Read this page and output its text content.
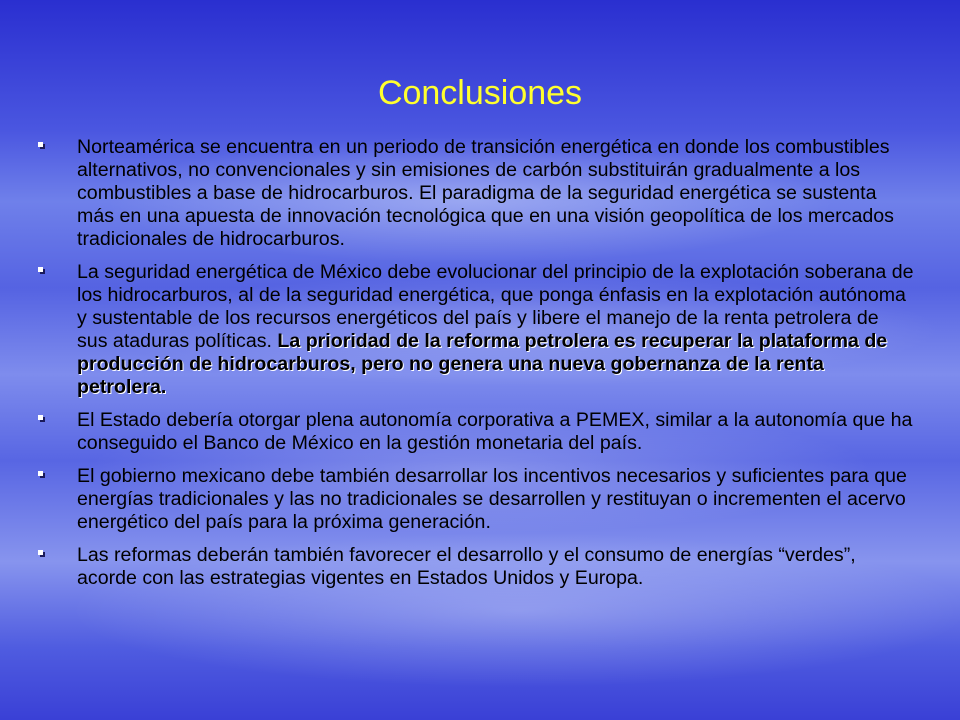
Conclusiones
Norteamérica se encuentra en un periodo de transición energética en donde los combustibles alternativos, no convencionales y sin emisiones de carbón substituirán gradualmente a los combustibles a base de hidrocarburos. El paradigma de la seguridad energética se sustenta más en una apuesta de innovación tecnológica que en una visión geopolítica de los mercados tradicionales de hidrocarburos.
La seguridad energética de México debe evolucionar del principio de la explotación soberana de los hidrocarburos, al de la seguridad energética, que ponga énfasis en la explotación autónoma y sustentable de los recursos energéticos del país y libere el manejo de la renta petrolera de sus ataduras políticas. La prioridad de la reforma petrolera es recuperar la plataforma de producción de hidrocarburos, pero no genera una nueva gobernanza de la renta petrolera.
El Estado debería otorgar plena autonomía corporativa a PEMEX, similar a la autonomía que ha conseguido el Banco de México en la gestión monetaria del país.
El gobierno mexicano debe también desarrollar los incentivos necesarios y suficientes para que energías tradicionales y las no tradicionales se desarrollen y restituyan o incrementen el acervo energético del país para la próxima generación.
Las reformas deberán también favorecer el desarrollo y el consumo de energías “verdes”, acorde con las estrategias vigentes en Estados Unidos y Europa.
